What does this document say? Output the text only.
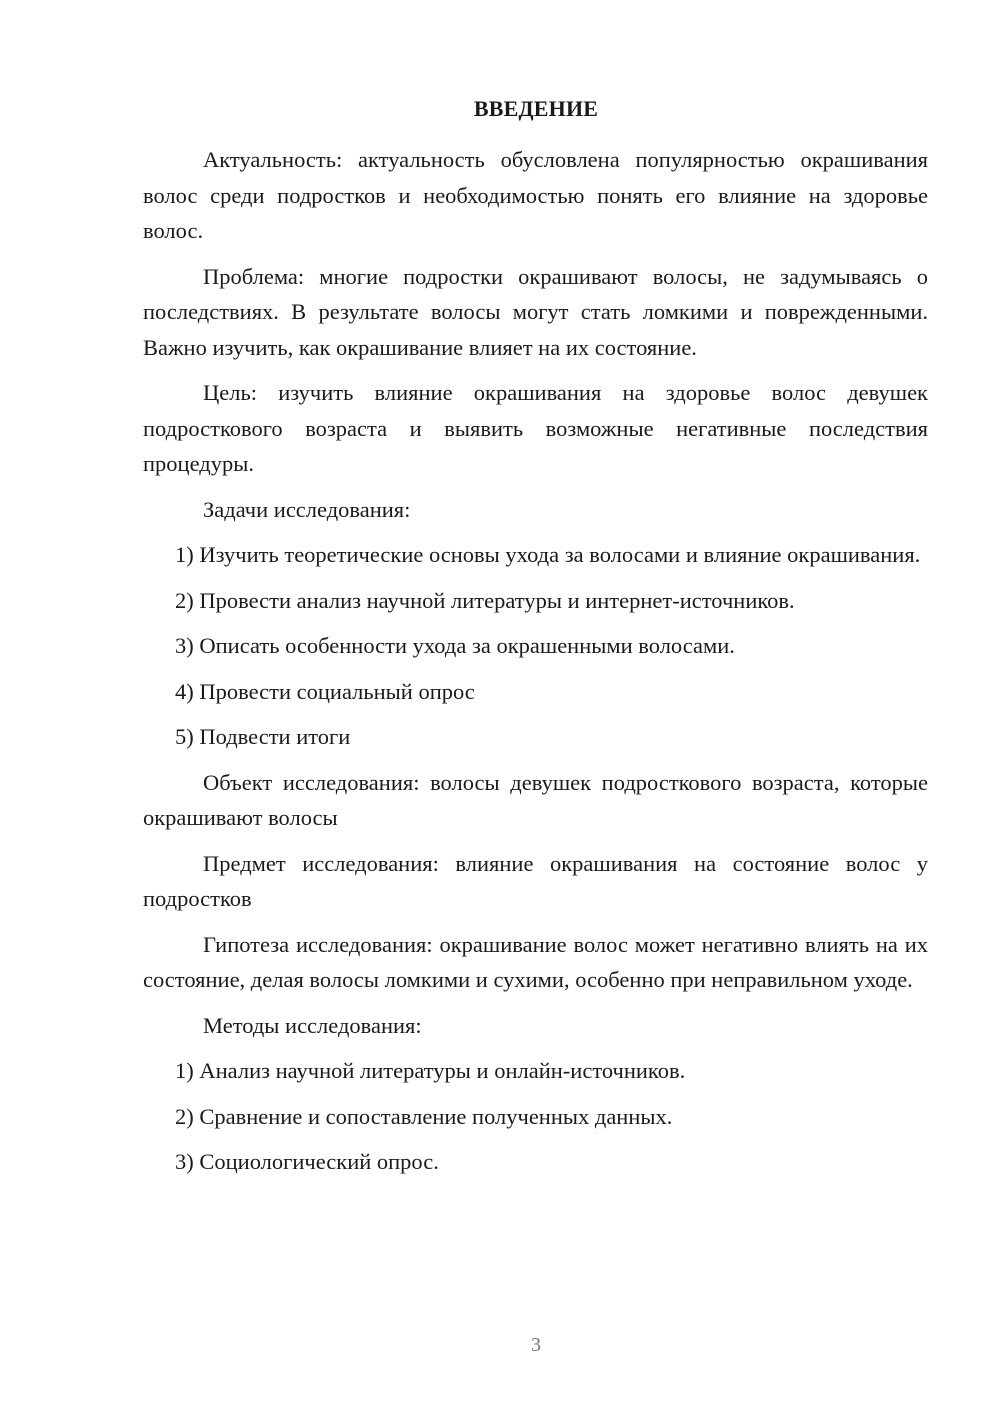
ВВЕДЕНИЕ

Актуальность: актуальность обусловлена популярностью окрашивания волос среди подростков и необходимостью понять его влияние на здоровье волос.

Проблема: многие подростки окрашивают волосы, не задумываясь о последствиях. В результате волосы могут стать ломкими и поврежденными. Важно изучить, как окрашивание влияет на их состояние.

Цель: изучить влияние окрашивания на здоровье волос девушек подросткового возраста и выявить возможные негативные последствия процедуры.

Задачи исследования:

1) Изучить теоретические основы ухода за волосами и влияние окрашивания.

2) Провести анализ научной литературы и интернет-источников.

3) Описать особенности ухода за окрашенными волосами.

4) Провести социальный опрос

5) Подвести итоги

Объект исследования: волосы девушек подросткового возраста, которые окрашивают волосы

Предмет исследования: влияние окрашивания на состояние волос у подростков

Гипотеза исследования: окрашивание волос может негативно влиять на их состояние, делая волосы ломкими и сухими, особенно при неправильном уходе.

Методы исследования:

1) Анализ научной литературы и онлайн-источников.

2) Сравнение и сопоставление полученных данных.

3) Социологический опрос.

3
